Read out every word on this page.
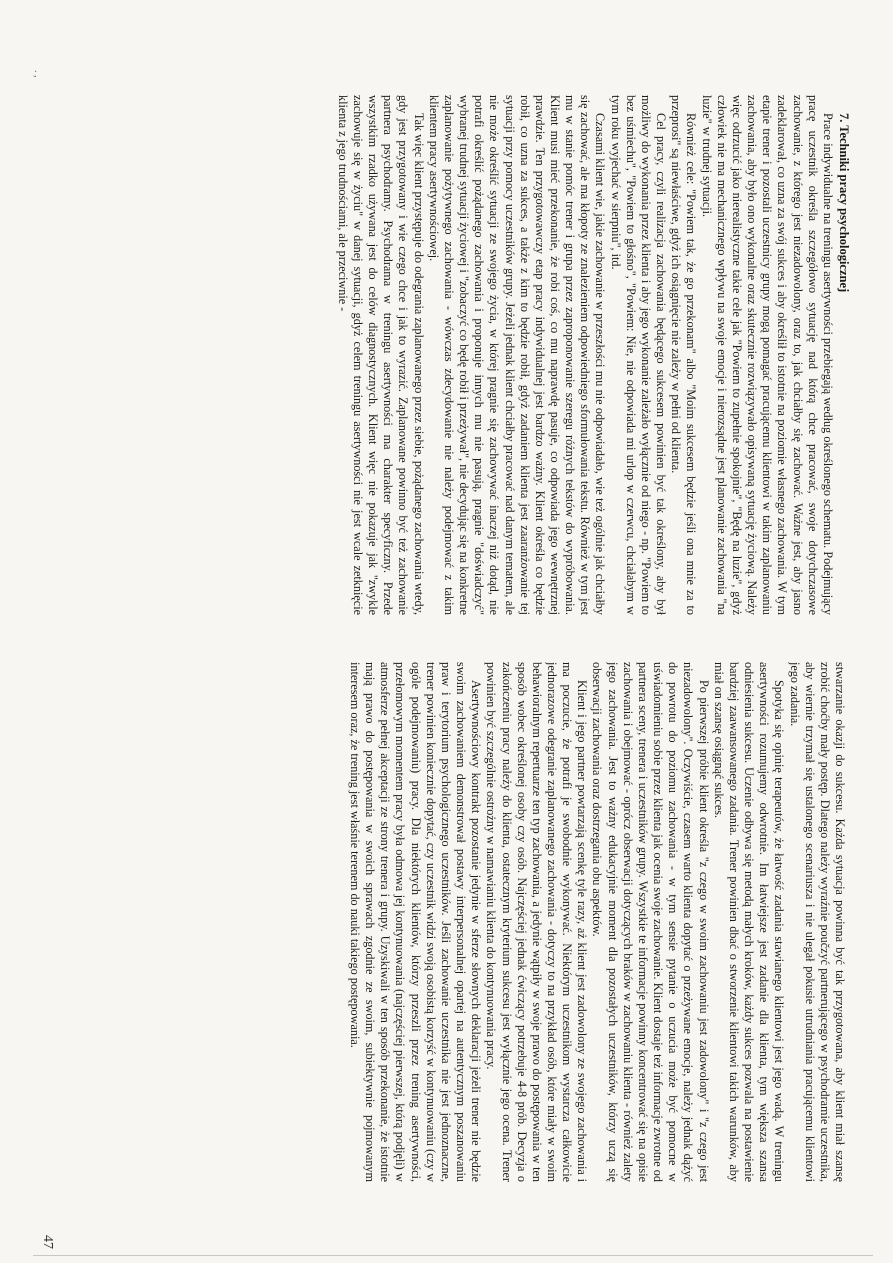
7. Techniki pracy psychologicznej

Prace indywidualne na treningu asertywności przebiegają według określonego schematu. Podejmujący pracę uczestnik określa szczegółowo sytuację nad którą chce pracować, swoje dotychczasowe zachowanie, z którego jest niezadowolony, oraz to, jak chciałby się zachować. Ważne jest, aby jasno zadeklarował, co uzna za swój sukces i aby określił to istotnie na poziomie własnego zachowania. W tym etapie trener i pozostali uczestnicy grupy mogą pomagać pracującemu klientowi w takim zaplanowaniu zachowania, aby było ono wykonalne oraz skutecznie rozwiązywało opisywaną sytuację życiową. Należy więc odrzucić jako nierealistyczne takie cele jak "Powiem to zupełnie spokojnie", "Będę na luzie", gdyż człowiek nie ma mechanicznego wpływu na swoje emocje i nierozsądne jest planowanie zachowania "na luzie" w trudnej sytuacji.

Również cele: "Powiem tak, że go przekonam" albo "Moim sukcesem będzie jeśli ona mnie za to przeprosi" są niewłaściwe, gdyż ich osiągnięcie nie zależy w pełni od klienta.

Cel pracy, czyli realizacja zachowania będącego sukcesem powinien być tak określony, aby był możliwy do wykonania przez klienta i aby jego wykonanie zależało wyłącznie od niego - np. "Powiem to bez uśmiechu", "Powiem to głośno", "Powiem: Nie, nie odpowiada mi urlop w czerwcu, chciałabym w tym roku wyjechać w sierpniu", itd.

Czasami klient wie, jakie zachowanie w przeszłości mu nie odpowiadało, wie też ogólnie jak chciałby się zachować, ale ma kłopoty ze znalezieniem odpowiedniego sformułowania tekstu. Również w tym jest mu w stanie pomóc trener i grupa przez zaproponowanie szeregu różnych tekstów do wypróbowania. Klient musi mieć przekonanie, że robi coś, co mu naprawdę pasuje, co odpowiada jego wewnętrznej prawdzie. Ten przygotowawczy etap pracy indywidualnej jest bardzo ważny. Klient określa co będzie robił, co uzna za sukces, a także z kim to będzie robił, gdyż zadaniem klienta jest zaaranżowanie tej sytuacji przy pomocy uczestników grupy. Jeżeli jednak klient chciałby pracować nad danym tematem, ale nie może określić sytuacji ze swojego życia, w której pragnie się zachowywać inaczej niż dotąd, nie potrafi określić pożądanego zachowania i proponuje innych mu nie pasują, pragnie "doświadczyć" wybranej trudnej sytuacji życiowej i "zobaczyć co będę robił i przeżywał", nie decydując się na konkretne zaplanowanie pożytywnego zachowania - wówczas zdecydowanie nie należy podejmować z takim klientem pracy asertywnościowej.

Tak więc klient przystępuje do odegrania zaplanowanego przez siebie, pożądanego zachowania wtedy, gdy jest przygotowany i wie czego chce i jak to wyrazić. Zaplanowane powinno być też zachowanie partnera psychodramy. Psychodrama w treningu asertywności ma charakter specyficzny. Przede wszystkim rzadko używana jest do celów diagnostycznych. Klient więc nie pokazuje jak "zwykle zachowuje się w życiu" w danej sytuacji, gdyż celem treningu asertywności nie jest wcale zetknięcie klienta z jego trudnościami, ale przeciwnie -

stwarzanie okazji do sukcesu. Każda sytuacja powinna być tak przygotowana, aby klient miał szansę zrobić choćby mały postęp. Dlatego należy wyraźnie poučzyć partnerującego w psychodramie uczestnika, aby wiernie trzymał się ustalonego scenariusza i nie ulegał pokusie utrudniania pracującemu klientowi jego zadania.

Spotyka się opinię terapeutów, że łatwość zadania stawianego klientowi jest jego wadą. W treningu asertywności rozumujemy odwrotnie. Im łatwiejsze jest zadanie dla klienta, tym większa szansa odniesienia sukcesu. Uczenie odbywa się metodą małych kroków, każdy sukces pozwala na postawienie bardziej zaawansowanego zadania. Trener powinien dbać o stworzenie klientowi takich warunków, aby miał on szansę osiągnąć sukces.

Po pierwszej próbie klient określa "z czego w swoim zachowaniu jest zadowolony" i "z czego jest niezadowolony". Oczywiście, czasem warto klienta dopytać o przeżywane emocje, należy jednak dążyć do powrotu do poziomu zachowania - w tym sensie pytanie o uczucia może być pomocne w uświadomieniu sobie przez klienta jak ocenia swoje zachowanie. Klient dostaje też informacje zwrotne od partnera sceny, trenera i uczestników grupy. Wszystkie te informacje powinny koncentrować się na opisie zachowania i obejmować - oprócz obserwacji dotyczących braków w zachowaniu klienta - również zalety jego zachowania. Jest to ważny edukacyjnie moment dla pozostałych uczestników, którzy uczą się obserwacji zachowania oraz dostrzegania obu aspektów.

Klient i jego partner powtarzają scenkę tyle razy, aż klient jest zadowolony ze swojego zachowania i ma poczucie, że potrafi je swobodnie wykonywać. Niektórym uczestnikom wystarcza całkowicie jednorazowe odegranie zaplanowanego zachowania - dotyczy to na przykład osób, które miały w swoim behawioralnym repertuarze ten typ zachowania, a jedynie wątpiły w swoje prawo do postępowania w ten sposób wobec określonej osoby czy osób. Najczęściej jednak ćwiczący potrzebuje 4-8 prób. Decyzja o zakończeniu pracy należy do klienta, ostatecznym kryterium sukcesu jest wyłącznie jego ocena. Trener powinien być szczególnie ostrożny w namawianiu klienta do kontynuowania pracy.

Asertywnościowy kontrakt pozostanie jedynie w sferze słownych deklaracji jeżeli trener nie będzie swoim zachowaniem demonstrował postawy interpersonalnej opartej na autentycznym poszanowaniu praw i terytorium psychologicznego uczestników. Jeśli zachowanie uczestnika nie jest jednoznaczne, trener powinien koniecznie dopytać, czy uczestnik widzi swoją osobistą korzyść w kontynuowaniu (czy w ogóle podejmowaniu) pracy. Dla niektórych klientów, którzy przeszli przez trening asertywności, przełomowym momentem pracy była odmowa jej kontynuowania (najczęściej pierwszej, którą podjęli) w atmosferze pełnej akceptacji ze strony trenera i grupy. Uzyskiwali w ten sposób przekonanie, że istotnie mają prawo do postępowania w swoich sprawach zgodnie ze swoim, subiektywnie pojmowanym interesem oraz, że trening jest właśnie terenem do nauki takiego postępowania.

47
. ,
